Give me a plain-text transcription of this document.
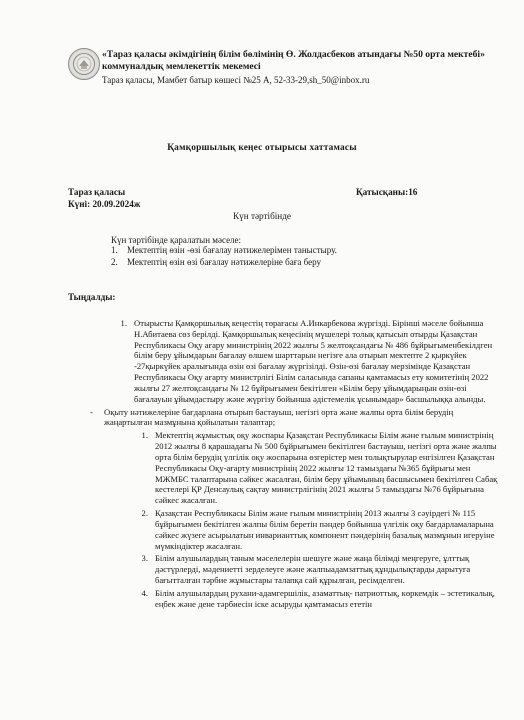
«Тараз қаласы әкімдігінің білім бөлімінің Ө. Жолдасбеков атындағы №50 орта мектебі» коммуналдық мемлекеттік мекемесі
Тараз қаласы, Мамбет батыр көшесі №25 А, 52-33-29,sh_50@inbox.ru
Қамқоршылық кеңес отырысы хаттамасы
Тараз қаласы
Күні: 20.09.2024ж
Қатысқаны:16
Күн тәртібінде
Күн тәртібінде қаралатын мәселе:
1.	Мектептің өзін -өзі бағалау нәтижелерімен таныстыру.
2.	Мектептің өзін өзі бағалау нәтижелеріне баға беру
Тыңдалды:
1. Отырысты Қамқоршылық кеңестің төрағасы А.Инкарбекова жүргізді. Бірінші мәселе бойынша Н.Абитаева сөз берілді. Қамқоршылық кеңесінің мүшелері толық қатысып отырды Қазақстан Республикасы Оқу ағару министрінің 2022 жылғы 5 желтоқсандағы № 486 бұйрығыменбекілдген білім беру ұйымдарын бағалау өлшем шарттарын негізге ала отырып мектепте 2 қыркүйек -27қыркүйек аралығында өзін өзі бағалау жүргізілді. Өзін-өзі бағалау мерзімінде Қазақстан Республикасы Оқу ағарту министрлігі Білім саласында сапаны қамтамасыз ету комитетінің 2022 жылғы 27 желтоқсандағы № 12 бұйрығымен бекітілген «Білім беру ұйымдарыңын өзін-өзі бағалауын ұйымдастыру және жүргізу бойынша әдістемелік ұсынымдар» басшылыққа алынды.
-	Оқыту нәтижелеріне бағдарлана отырып бастауыш, негізгі орта және жалпы орта білім берудің жаңартылған мазмұнына қойылатын талаптар;
1. Мектептің жұмыстық оқу жоспары Қазақстан Республикасы Білім және ғылым министрінің 2012 жылғы 8 қарашадағы № 500 бұйрығымен бекітілген бастауыш, негізгі орта және жалпы орта білім берудің үлгілік оқу жоспарына өзгерістер мен толықтырулар енгізілген Қазақстан Республикасы Оқу-ағарту министрінің 2022 жылғы 12 тамыздағы №365 бұйрығы мен МЖМБС талаптарына сәйкес жасалған, білім беру ұйымының басшысымен бекітілген Сабақ кестелері ҚР Денсаулық сақтау министрлігінің 2021 жылғы 5 тамыздағы №76 бұйрығына сәйкес жасалған.
2. Қазақстан Республикасы Білім және ғылым министрінің 2013 жылғы 3 сәуірдегі № 115 бұйрығымен бекітілген жалпы білім беретін пәндер бойынша үлгілік оқу бағдарламаларына сәйкес жүзеге асырылатын инварианттық компонент пәндерінің базалық мазмұнын игеруіне мүмкіндіктер жасалған.
3. Білім алушылардың таным мәселелерін шешуге және жаңа білімді меңгеруге, ұлттық дәстүрлерді, мәдениетті зерделеуге және жалпыадамзаттық құндылықтарды дарытуға бағытталған тәрбие жұмыстары талапқа сай құрылған, ресімделген.
4. Білім алушылардың рухани-адамгершілік, азаматтық- патриоттық, көркемдік – эстетикалық, еңбек және дене тәрбиесін іске асыруды қамтамасыз ететін
